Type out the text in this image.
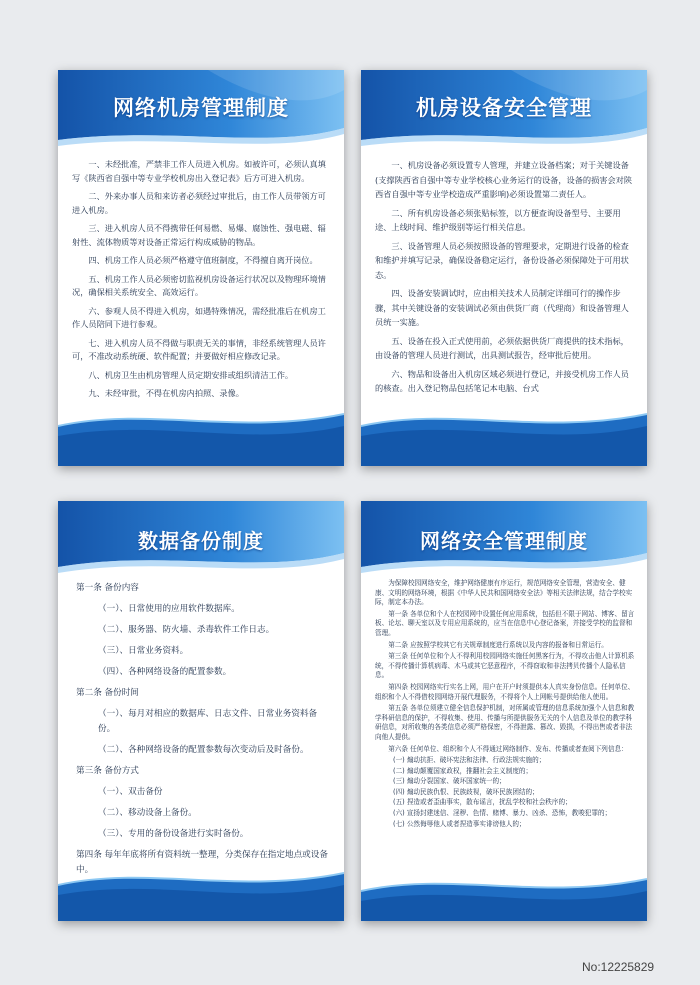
网络机房管理制度

一、未经批准，严禁非工作人员进入机房。如被许可，必须认真填写《陕西省自强中等专业学校机房出入登记表》后方可进入机房。

二、外来办事人员和来访者必须经过审批后，由工作人员带领方可进入机房。

三、进入机房人员不得携带任何易燃、易爆、腐蚀性、强电磁、辐射性、流体物质等对设备正常运行构成威胁的物品。

四、机房工作人员必须严格遵守值班制度，不得擅自离开岗位。

五、机房工作人员必须密切监视机房设备运行状况以及物理环境情况，确保相关系统安全、高效运行。

六、参观人员不得进入机房，如遇特殊情况，需经批准后在机房工作人员陪同下进行参观。

七、进入机房人员不得做与职责无关的事情，非经系统管理人员许可，不准改动系统硬、软件配置；并要做好相应修改记录。

八、机房卫生由机房管理人员定期安排或组织清洁工作。

九、未经审批，不得在机房内拍照、录像。

机房设备安全管理

一、机房设备必须设置专人管理，并建立设备档案；对于关键设备(支撑陕西省自强中等专业学校核心业务运行的设备，设备的损害会对陕西省自强中等专业学校造成严重影响)必须设置第二责任人。

二、所有机房设备必须张贴标签，以方便查询设备型号、主要用途、上线时间、维护级别等运行相关信息。

三、设备管理人员必须按照设备的管理要求，定期进行设备的检查和维护并填写记录，确保设备稳定运行，备份设备必须保障处于可用状态。

四、设备安装调试时，应由相关技术人员制定详细可行的操作步骤，其中关键设备的安装调试必须由供货厂商（代理商）和设备管理人员统一实施。

五、设备在投入正式使用前，必须依据供货厂商提供的技术指标，由设备的管理人员进行测试，出具测试报告，经审批后使用。

六、物品和设备出入机房区域必须进行登记，并接受机房工作人员的核查。出入登记物品包括笔记本电脑、台式

数据备份制度

第一条 备份内容

（一）、日常使用的应用软件数据库。

（二）、服务器、防火墙、杀毒软件工作日志。

（三）、日常业务资料。

（四）、各种网络设备的配置参数。

第二条 备份时间

（一）、每月对相应的数据库、日志文件、日常业务资料备份。

（二）、各种网络设备的配置参数每次变动后及时备份。

第三条 备份方式

（一）、双击备份

（二）、移动设备上备份。

（三）、专用的备份设备进行实时备份。

第四条 每年年底将所有资料统一整理，分类保存在指定地点或设备中。

网络安全管理制度

为保障校园网络安全，维护网络健康有序运行，规范网络安全管理，营造安全、健康、文明的网络环境，根据《中华人民共和国网络安全法》等相关法律法规，结合学校实际，制定本办法。

第一条 各单位和个人在校园网中设置任何应用系统，包括但不限于网站、博客、留言板、论坛、聊天室以及专用应用系统的，应当在信息中心登记备案，并接受学校的监督和管理。

第二条 应按照学校其它有关规章制度进行系统以及内容的报备和日常运行。

第三条 任何单位和个人不得利用校园网络实施任何黑客行为，不得攻击他人计算机系统，不得传播计算机病毒、木马或其它恶意程序，不得窃取和非法拷贝传播个人隐私信息。

第四条 校园网络实行实名上网，用户在开户时须提供本人真实身份信息。任何单位、组织和个人不得借校园网络开展代理服务，不得将个人上网帐号提供给他人使用。

第五条 各单位须建立健全信息保护机制，对所属或管理的信息系统加强个人信息和教学科研信息的保护，不得收集、使用、传播与所提供服务无关的个人信息及单位的教学科研信息，对所收集的各类信息必须严格保密，不得泄露、篡改、毁损，不得出售或者非法向他人提供。

第六条 任何单位、组织和个人不得通过网络制作、发布、传播或者查阅下列信息：

(一) 煽动抗拒、破坏宪法和法律、行政法规实施的；

(二) 煽动颠覆国家政权，推翻社会主义制度的；

(三) 煽动分裂国家、破坏国家统一的；

(四) 煽动民族仇恨、民族歧视，破坏民族团结的；

(五) 捏造或者歪曲事实，散布谣言，扰乱学校和社会秩序的；

(六) 宣扬封建迷信、淫秽、色情、赌博、暴力、凶杀、恐怖，教唆犯罪的；

(七) 公然侮辱他人或者捏造事实诽谤他人的；

No:12225829
